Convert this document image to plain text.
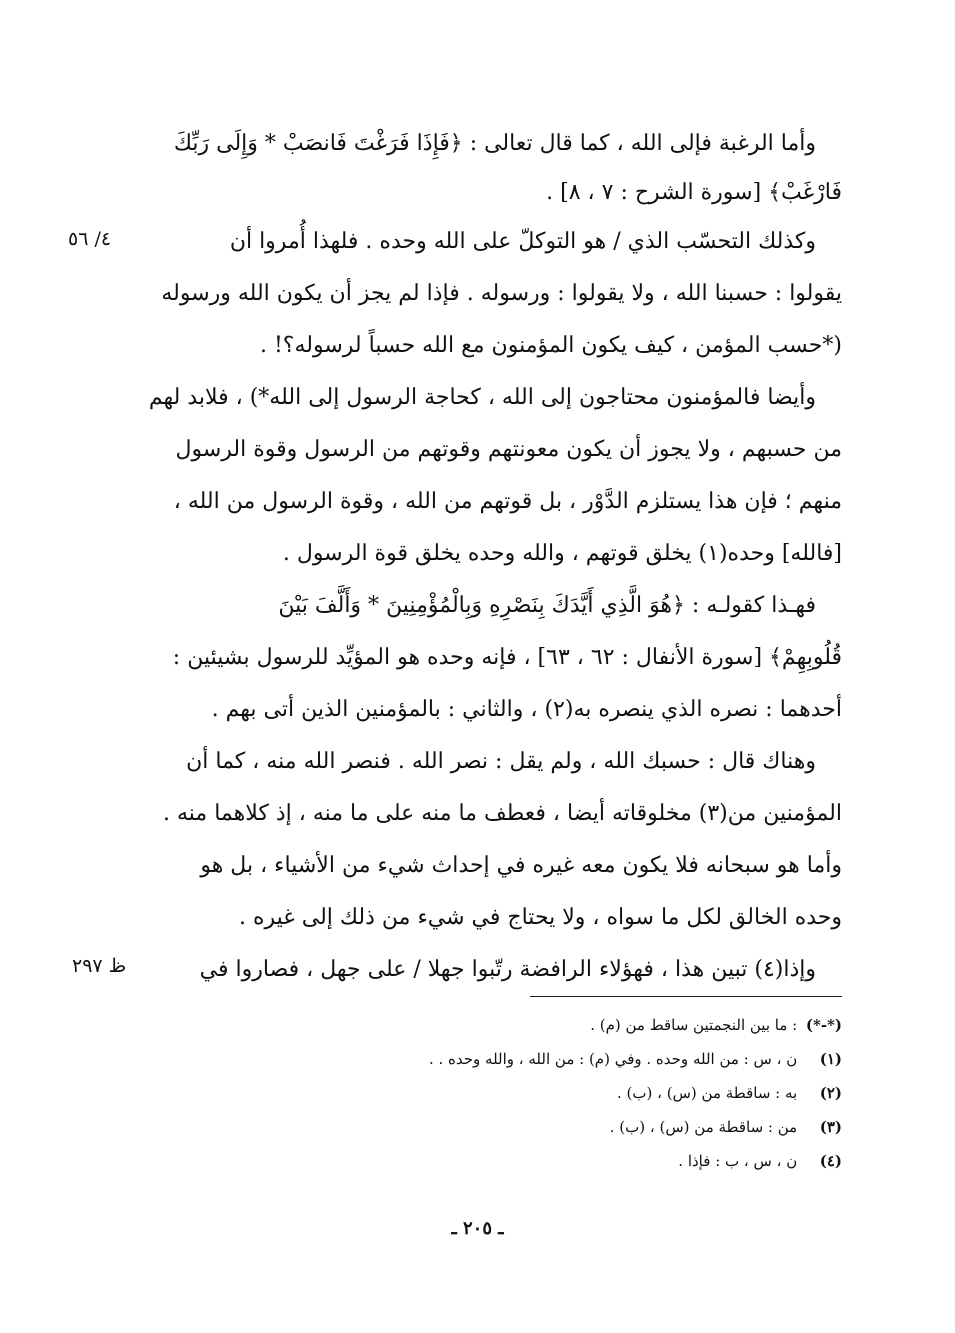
وأما الرغبة فإلى الله ، كما قال تعالى : ﴿فَإِذَا فَرَغْتَ فَانصَبْ * وَإِلَى رَبِّكَ
فَارْغَبْ﴾ [سورة الشرح : ٧ ، ٨] .
وكذلك التحسّب الذي / هو التوكلّ على الله وحده . فلهذا أُمروا أن
يقولوا : حسبنا الله ، ولا يقولوا : ورسوله . فإذا لم يجز أن يكون الله ورسوله
(*حسب المؤمن ، كيف يكون المؤمنون مع الله حسباً لرسوله؟! .
وأيضا فالمؤمنون محتاجون إلى الله ، كحاجة الرسول إلى الله*) ، فلابد لهم
من حسبهم ، ولا يجوز أن يكون معونتهم وقوتهم من الرسول وقوة الرسول
منهم ؛ فإن هذا يستلزم الدَّوْر ، بل قوتهم من الله ، وقوة الرسول من الله ،
[فالله] وحده(١) يخلق قوتهم ، والله وحده يخلق قوة الرسول .
فهـذا كقولـه : ﴿هُوَ الَّذِي أَيَّدَكَ بِنَصْرِهِ وَبِالْمُؤْمِنِينَ * وَأَلَّفَ بَيْنَ
قُلُوبِهِمْ﴾ [سورة الأنفال : ٦٢ ، ٦٣] ، فإنه وحده هو المؤيِّد للرسول بشيئين :
أحدهما : نصره الذي ينصره به(٢) ، والثاني : بالمؤمنين الذين أتى بهم .
وهناك قال : حسبك الله ، ولم يقل : نصر الله . فنصر الله منه ، كما أن
المؤمنين من(٣) مخلوقاته أيضا ، فعطف ما منه على ما منه ، إذ كلاهما منه .
وأما هو سبحانه فلا يكون معه غيره في إحداث شيء من الأشياء ، بل هو
وحده الخالق لكل ما سواه ، ولا يحتاج في شيء من ذلك إلى غيره .
وإذا(٤) تبين هذا ، فهؤلاء الرافضة رتّبوا جهلا / على جهل ، فصاروا في
٤/ ٥٦
ظ ٢٩٧
(*-*) : ما بين النجمتين ساقط من (م) .
(١) ن ، س : من الله وحده . وفي (م) : من الله ، والله وحده . .
(٢) به : ساقطة من (س) ، (ب) .
(٣) من : ساقطة من (س) ، (ب) .
(٤) ن ، س ، ب : فإذا .
ـ ٢٠٥ ـ
